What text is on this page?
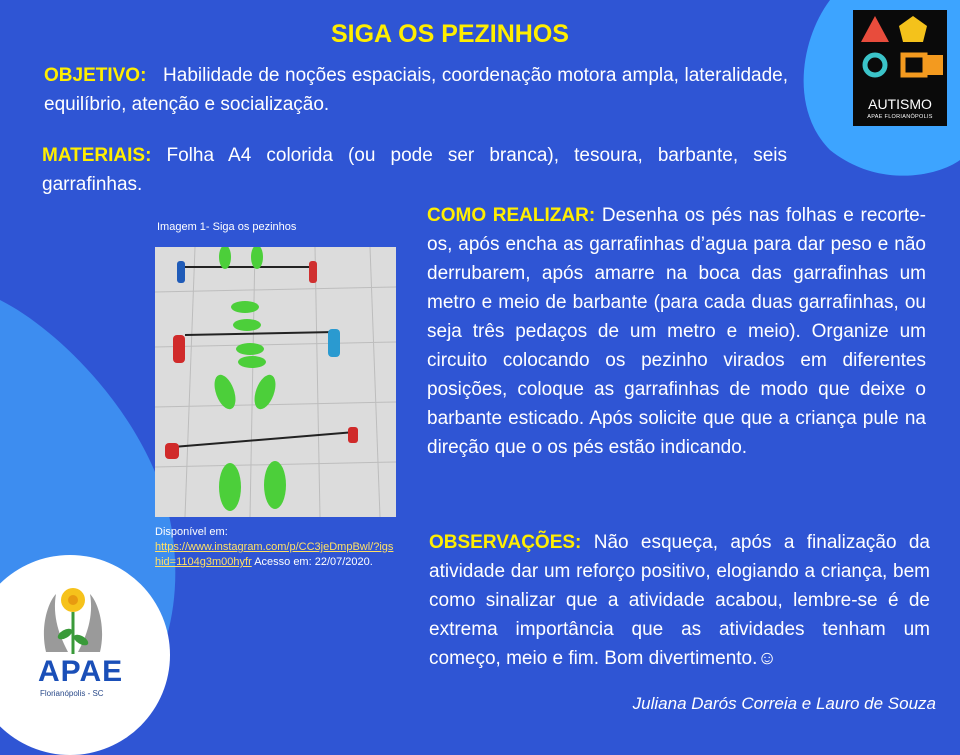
SIGA OS PEZINHOS
OBJETIVO: Habilidade de noções espaciais, coordenação motora ampla, lateralidade, equilíbrio, atenção e socialização.
MATERIAIS: Folha A4 colorida (ou pode ser branca), tesoura, barbante, seis garrafinhas.
COMO REALIZAR: Desenha os pés nas folhas e recorte-os, após encha as garrafinhas d’agua para dar peso e não derrubarem, após amarre na boca das garrafinhas um metro e meio de barbante (para cada duas garrafinhas, ou seja três pedaços de um metro e meio). Organize um circuito colocando os pezinho virados em diferentes posições, coloque as garrafinhas de modo que deixe o barbante esticado. Após solicite que que a criança pule na direção que o os pés estão indicando.
OBSERVAÇÕES: Não esqueça, após a finalização da atividade dar um reforço positivo, elogiando a criança, bem como sinalizar que a atividade acabou, lembre-se é de extrema importância que as atividades tenham um começo, meio e fim. Bom divertimento.☺
Imagem 1- Siga os pezinhos
Disponível em:
https://www.instagram.com/p/CC3jeDmpBwl/?igshid=1104g3m00hyfr Acesso em: 22/07/2020.
AUTISMO
APAE FLORIANÓPOLIS
APAE
Florianópolis - SC
Juliana Darós Correia e Lauro de Souza
